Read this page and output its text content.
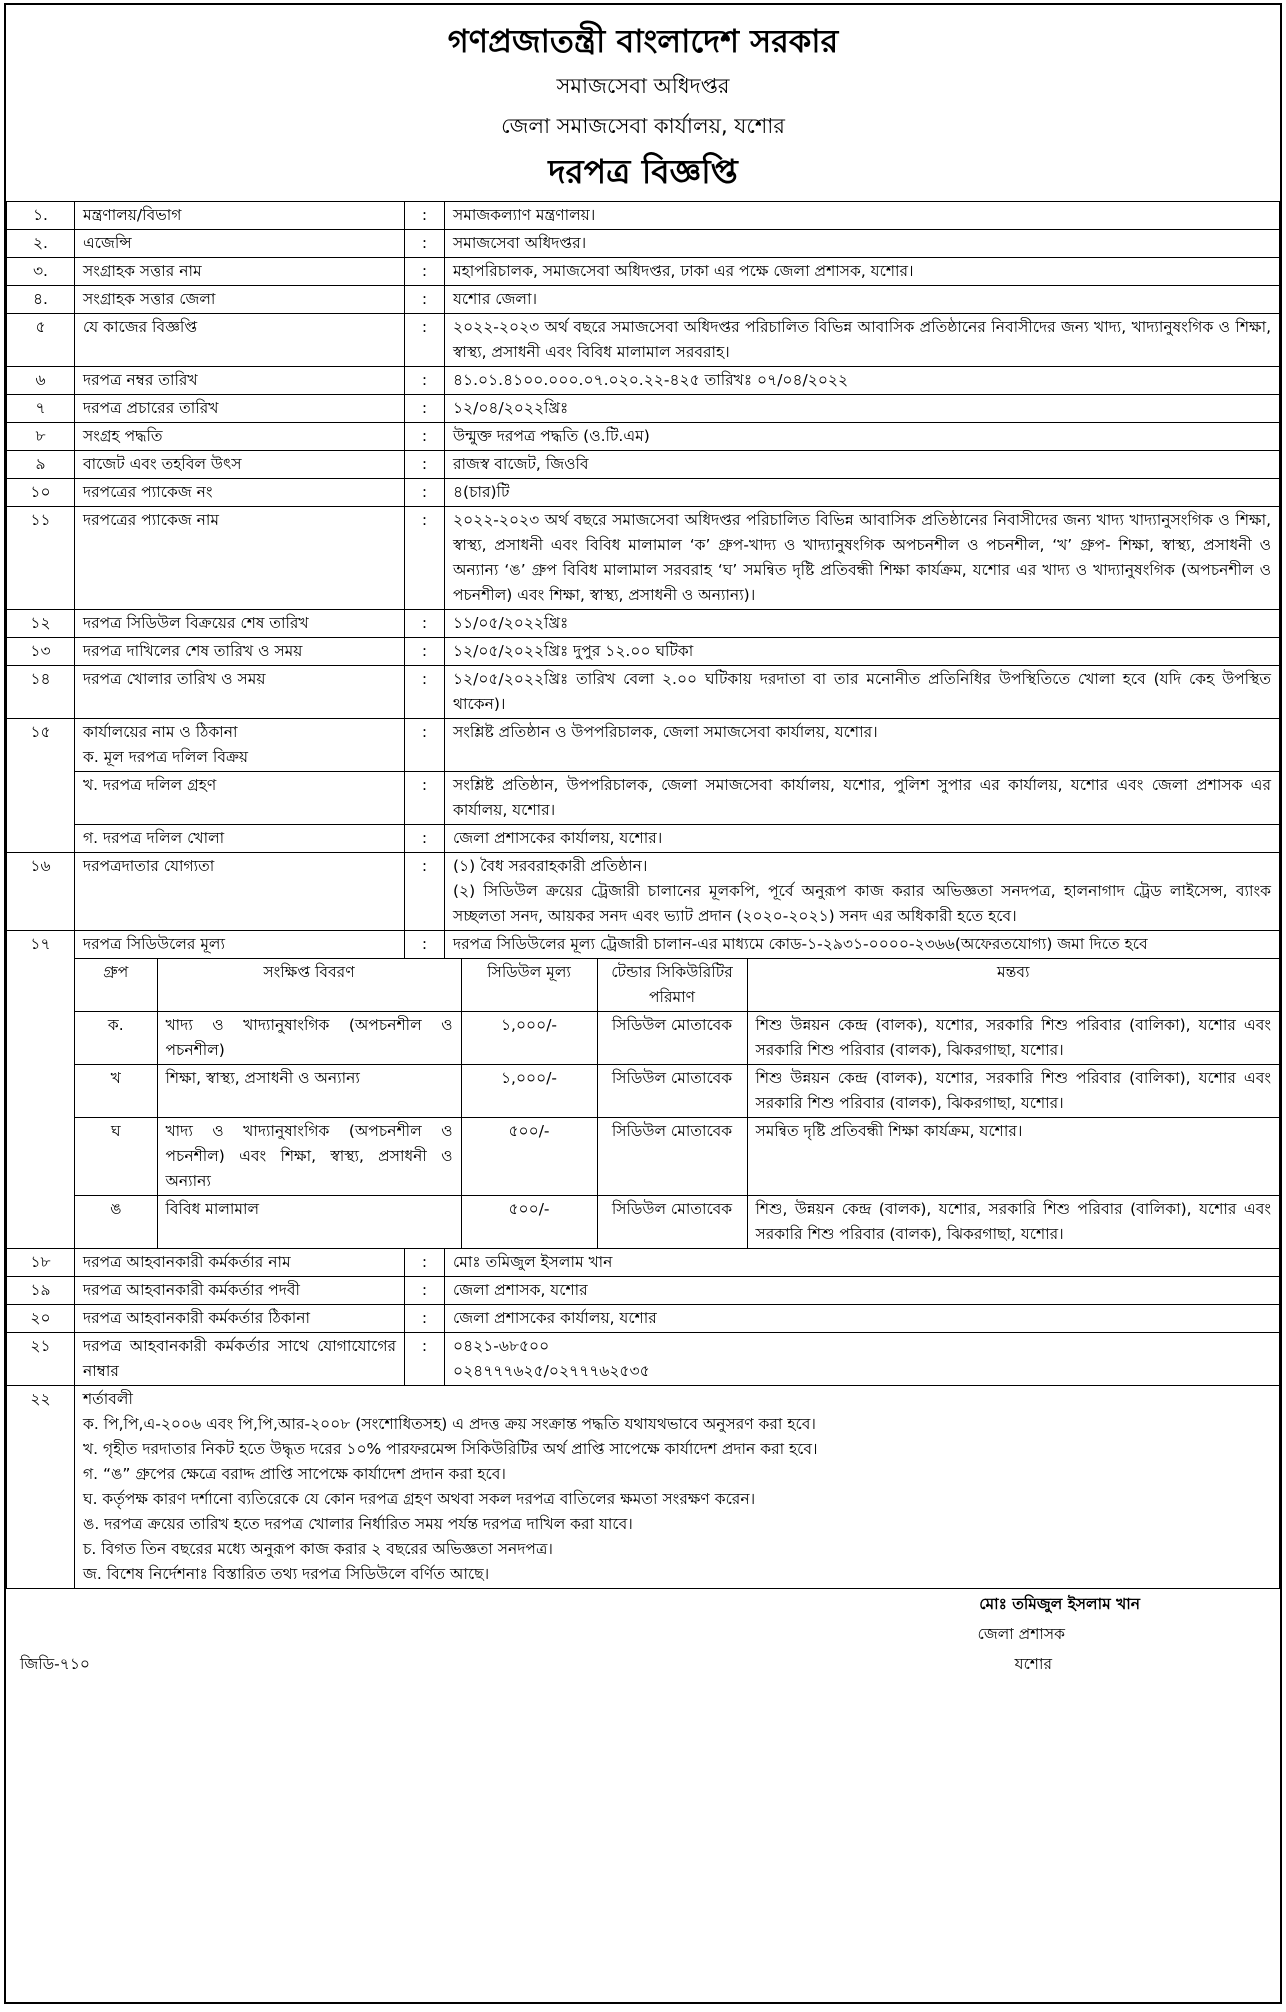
গণপ্রজাতন্ত্রী বাংলাদেশ সরকার
সমাজসেবা অধিদপ্তর
জেলা সমাজসেবা কার্যালয়, যশোর
দরপত্র বিজ্ঞপ্তি
১.	মন্ত্রণালয়/বিভাগ	:	সমাজকল্যাণ মন্ত্রণালয়।
২.	এজেন্সি	:	সমাজসেবা অধিদপ্তর।
৩.	সংগ্রাহক সত্তার নাম	:	মহাপরিচালক, সমাজসেবা অধিদপ্তর, ঢাকা এর পক্ষে জেলা প্রশাসক, যশোর।
৪.	সংগ্রাহক সত্তার জেলা	:	যশোর জেলা।
৫	যে কাজের বিজ্ঞপ্তি	:	২০২২-২০২৩ অর্থ বছরে সমাজসেবা অধিদপ্তর পরিচালিত বিভিন্ন আবাসিক প্রতিষ্ঠানের নিবাসীদের জন্য খাদ্য, খাদ্যানুষংগিক ও শিক্ষা, স্বাস্থ্য, প্রসাধনী এবং বিবিধ মালামাল সরবরাহ।
৬	দরপত্র নম্বর তারিখ	:	৪১.০১.৪১০০.০০০.০৭.০২০.২২-৪২৫ তারিখঃ ০৭/০৪/২০২২
৭	দরপত্র প্রচারের তারিখ	:	১২/০৪/২০২২খ্রিঃ
৮	সংগ্রহ পদ্ধতি	:	উন্মুক্ত দরপত্র পদ্ধতি (ও.টি.এম)
৯	বাজেট এবং তহবিল উৎস	:	রাজস্ব বাজেট, জিওবি
১০	দরপত্রের প্যাকেজ নং	:	৪(চার)টি
১১	দরপত্রের প্যাকেজ নাম	:	২০২২-২০২৩ অর্থ বছরে সমাজসেবা অধিদপ্তর পরিচালিত বিভিন্ন আবাসিক প্রতিষ্ঠানের নিবাসীদের জন্য খাদ্য খাদ্যানুসংগিক ও শিক্ষা, স্বাস্থ্য, প্রসাধনী এবং বিবিধ মালামাল ‘ক’ গ্রুপ-খাদ্য ও খাদ্যানুষংগিক অপচনশীল ও পচনশীল, ‘খ’ গ্রুপ- শিক্ষা, স্বাস্থ্য, প্রসাধনী ও অন্যান্য ‘ঙ’ গ্রুপ বিবিধ মালামাল সরবরাহ ‘ঘ’ সমন্বিত দৃষ্টি প্রতিবন্ধী শিক্ষা কার্যক্রম, যশোর এর খাদ্য ও খাদ্যানুষংগিক (অপচনশীল ও পচনশীল) এবং শিক্ষা, স্বাস্থ্য, প্রসাধনী ও অন্যান্য)।
১২	দরপত্র সিডিউল বিক্রয়ের শেষ তারিখ	:	১১/০৫/২০২২খ্রিঃ
১৩	দরপত্র দাখিলের শেষ তারিখ ও সময়	:	১২/০৫/২০২২খ্রিঃ দুপুর ১২.০০ ঘটিকা
১৪	দরপত্র খোলার তারিখ ও সময়	:	১২/০৫/২০২২খ্রিঃ তারিখ বেলা ২.০০ ঘটিকায় দরদাতা বা তার মনোনীত প্রতিনিধির উপস্থিতিতে খোলা হবে (যদি কেহ উপস্থিত থাকেন)।
১৫	কার্যালয়ের নাম ও ঠিকানা
ক. মূল দরপত্র দলিল বিক্রয়
	:	সংশ্লিষ্ট প্রতিষ্ঠান ও উপপরিচালক, জেলা সমাজসেবা কার্যালয়, যশোর।
খ. দরপত্র দলিল গ্রহণ	:	সংশ্লিষ্ট প্রতিষ্ঠান, উপপরিচালক, জেলা সমাজসেবা কার্যালয়, যশোর, পুলিশ সুপার এর কার্যালয়, যশোর এবং জেলা প্রশাসক এর কার্যালয়, যশোর।
গ. দরপত্র দলিল খোলা	:	জেলা প্রশাসকের কার্যালয়, যশোর।
১৬	দরপত্রদাতার যোগ্যতা	:	(১) বৈধ সরবরাহকারী প্রতিষ্ঠান।
(২) সিডিউল ক্রয়ের ট্রেজারী চালানের মূলকপি, পূর্বে অনুরূপ কাজ করার অভিজ্ঞতা সনদপত্র, হালনাগাদ ট্রেড লাইসেন্স, ব্যাংক সচ্ছলতা সনদ, আয়কর সনদ এবং ভ্যাট প্রদান (২০২০-২০২১) সনদ এর অধিকারী হতে হবে।

১৭	দরপত্র সিডিউলের মূল্য	:	দরপত্র সিডিউলের মূল্য ট্রেজারী চালান-এর মাধ্যমে কোড-১-২৯৩১-০০০০-২৩৬৬(অফেরতযোগ্য) জমা দিতে হবে

গ্রুপ	সংক্ষিপ্ত বিবরণ	সিডিউল মূল্য	টেন্ডার সিকিউরিটির পরিমাণ	মন্তব্য
ক.	খাদ্য ও খাদ্যানুষাংগিক (অপচনশীল ও পচনশীল)	১,০০০/-	সিডিউল মোতাবেক	শিশু উন্নয়ন কেন্দ্র (বালক), যশোর, সরকারি শিশু পরিবার (বালিকা), যশোর এবং সরকারি শিশু পরিবার (বালক), ঝিকরগাছা, যশোর।
খ	শিক্ষা, স্বাস্থ্য, প্রসাধনী ও অন্যান্য	১,০০০/-	সিডিউল মোতাবেক	শিশু উন্নয়ন কেন্দ্র (বালক), যশোর, সরকারি শিশু পরিবার (বালিকা), যশোর এবং সরকারি শিশু পরিবার (বালক), ঝিকরগাছা, যশোর।
ঘ	খাদ্য ও খাদ্যানুষাংগিক (অপচনশীল ও পচনশীল) এবং শিক্ষা, স্বাস্থ্য, প্রসাধনী ও অন্যান্য	৫০০/-	সিডিউল মোতাবেক	সমন্বিত দৃষ্টি প্রতিবন্ধী শিক্ষা কার্যক্রম, যশোর।
ঙ	বিবিধ মালামাল	৫০০/-	সিডিউল মোতাবেক	শিশু, উন্নয়ন কেন্দ্র (বালক), যশোর, সরকারি শিশু পরিবার (বালিকা), যশোর এবং সরকারি শিশু পরিবার (বালক), ঝিকরগাছা, যশোর।

১৮	দরপত্র আহবানকারী কর্মকর্তার নাম	:	মোঃ তমিজুল ইসলাম খান
১৯	দরপত্র আহবানকারী কর্মকর্তার পদবী	:	জেলা প্রশাসক, যশোর
২০	দরপত্র আহবানকারী কর্মকর্তার ঠিকানা	:	জেলা প্রশাসকের কার্যালয়, যশোর
২১	দরপত্র আহবানকারী কর্মকর্তার সাথে যোগাযোগের নাম্বার	:	০৪২১-৬৮৫০০
০২৪৭৭৭৬২৫/০২৭৭৭৬২৫৩৫

২২	শর্তাবলী
ক. পি,পি,এ-২০০৬ এবং পি,পি,আর-২০০৮ (সংশোধিতসহ) এ প্রদত্ত ক্রয় সংক্রান্ত পদ্ধতি যথাযথভাবে অনুসরণ করা হবে।
খ. গৃহীত দরদাতার নিকট হতে উদ্ধৃত দরের ১০% পারফরমেন্স সিকিউরিটির অর্থ প্রাপ্তি সাপেক্ষে কার্যাদেশ প্রদান করা হবে।
গ. “ঙ” গ্রুপের ক্ষেত্রে বরাদ্দ প্রাপ্তি সাপেক্ষে কার্যাদেশ প্রদান করা হবে।
ঘ. কর্তৃপক্ষ কারণ দর্শানো ব্যতিরেকে যে কোন দরপত্র গ্রহণ অথবা সকল দরপত্র বাতিলের ক্ষমতা সংরক্ষণ করেন।
ঙ. দরপত্র ক্রয়ের তারিখ হতে দরপত্র খোলার নির্ধারিত সময় পর্যন্ত দরপত্র দাখিল করা যাবে।
চ. বিগত তিন বছরের মধ্যে অনুরূপ কাজ করার ২ বছরের অভিজ্ঞতা সনদপত্র।
জ. বিশেষ নির্দেশনাঃ বিস্তারিত তথ্য দরপত্র সিডিউলে বর্ণিত আছে।
মোঃ তমিজুল ইসলাম খান
জেলা প্রশাসক
যশোর
জিডি-৭১০
